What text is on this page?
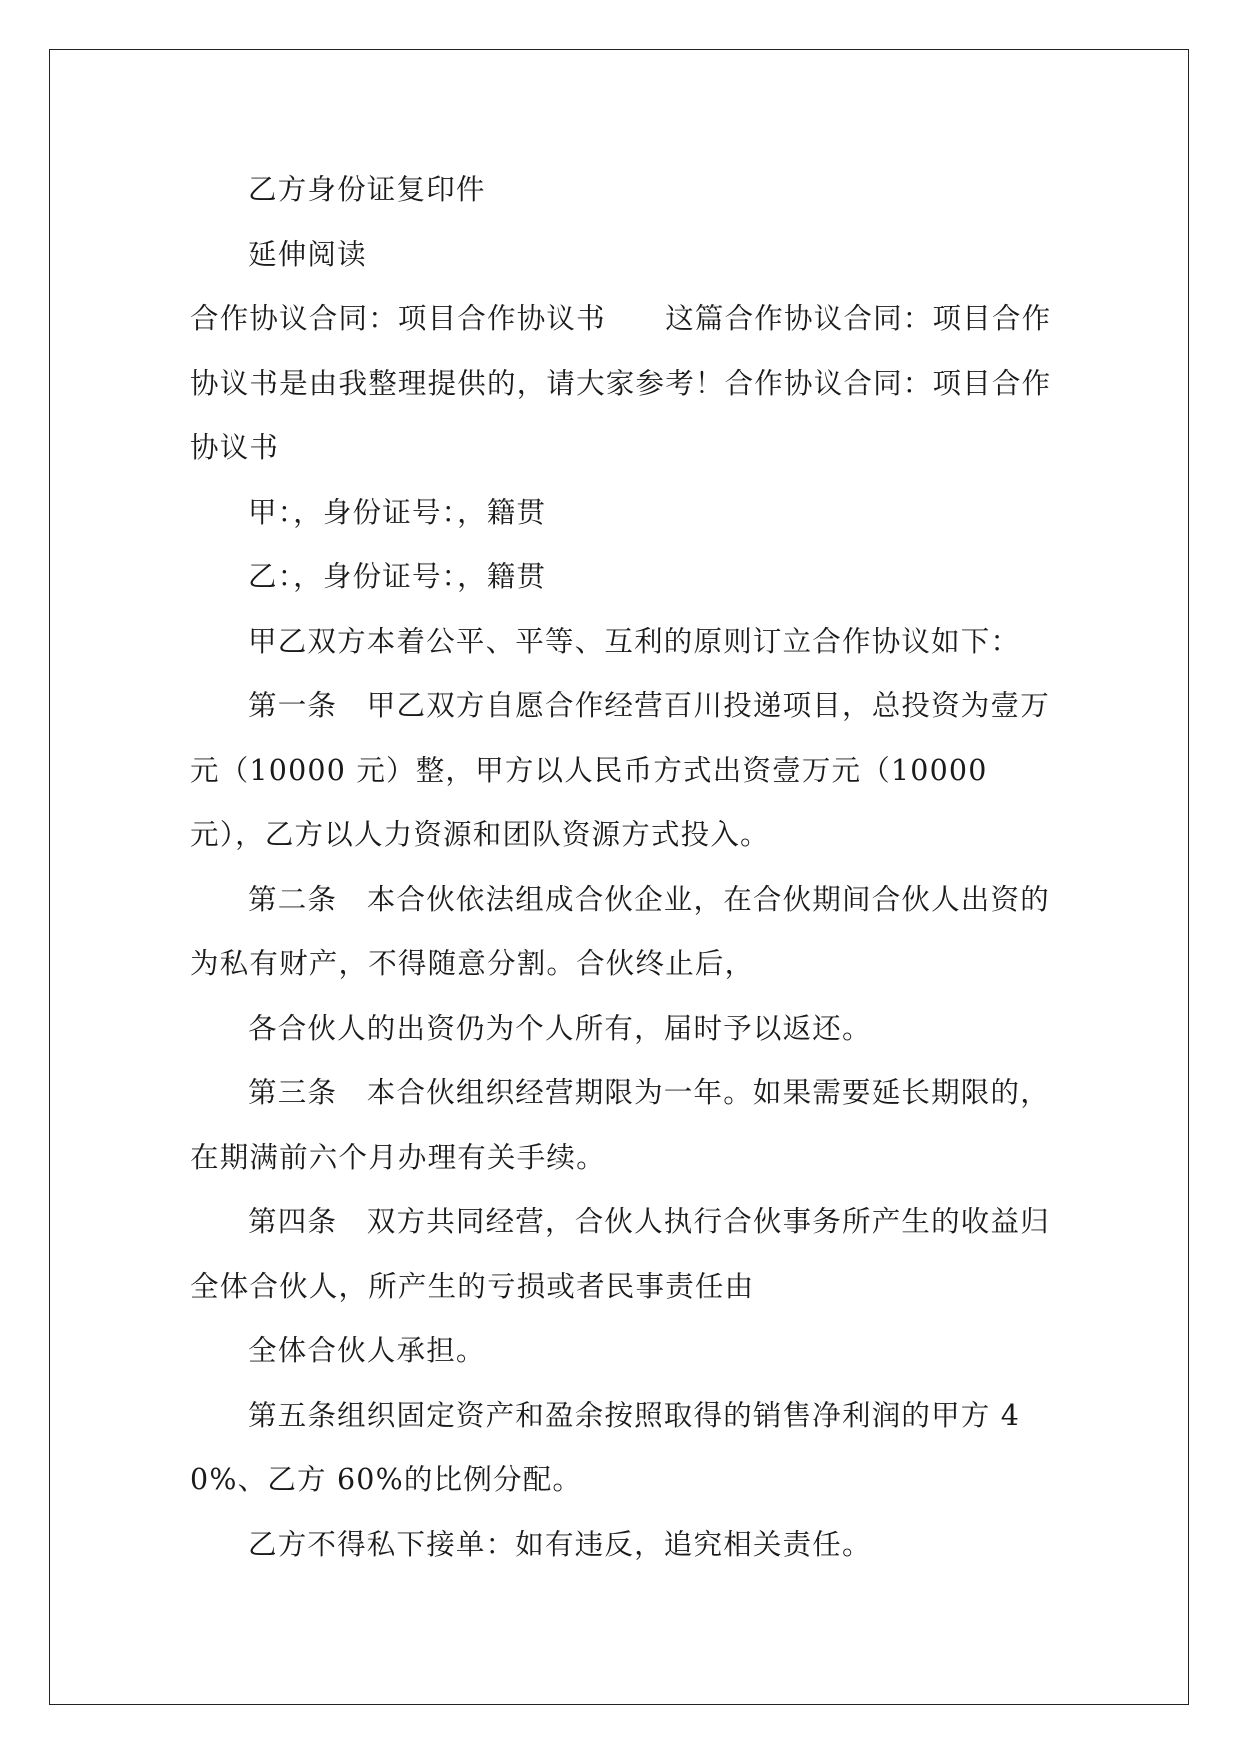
乙方身份证复印件

延伸阅读

合作协议合同：项目合作协议书　　这篇合作协议合同：项目合作协议书是由我整理提供的，请大家参考！合作协议合同：项目合作协议书

甲：，身份证号：，籍贯

乙：，身份证号：，籍贯

甲乙双方本着公平、平等、互利的原则订立合作协议如下：

第一条　甲乙双方自愿合作经营百川投递项目，总投资为壹万元（10000 元）整，甲方以人民币方式出资壹万元（10000 元），乙方以人力资源和团队资源方式投入。

第二条　本合伙依法组成合伙企业，在合伙期间合伙人出资的为私有财产，不得随意分割。合伙终止后，

各合伙人的出资仍为个人所有，届时予以返还。

第三条　本合伙组织经营期限为一年。如果需要延长期限的，在期满前六个月办理有关手续。

第四条　双方共同经营，合伙人执行合伙事务所产生的收益归全体合伙人，所产生的亏损或者民事责任由

全体合伙人承担。

第五条组织固定资产和盈余按照取得的销售净利润的甲方 40%、乙方 60%的比例分配。

乙方不得私下接单：如有违反，追究相关责任。
